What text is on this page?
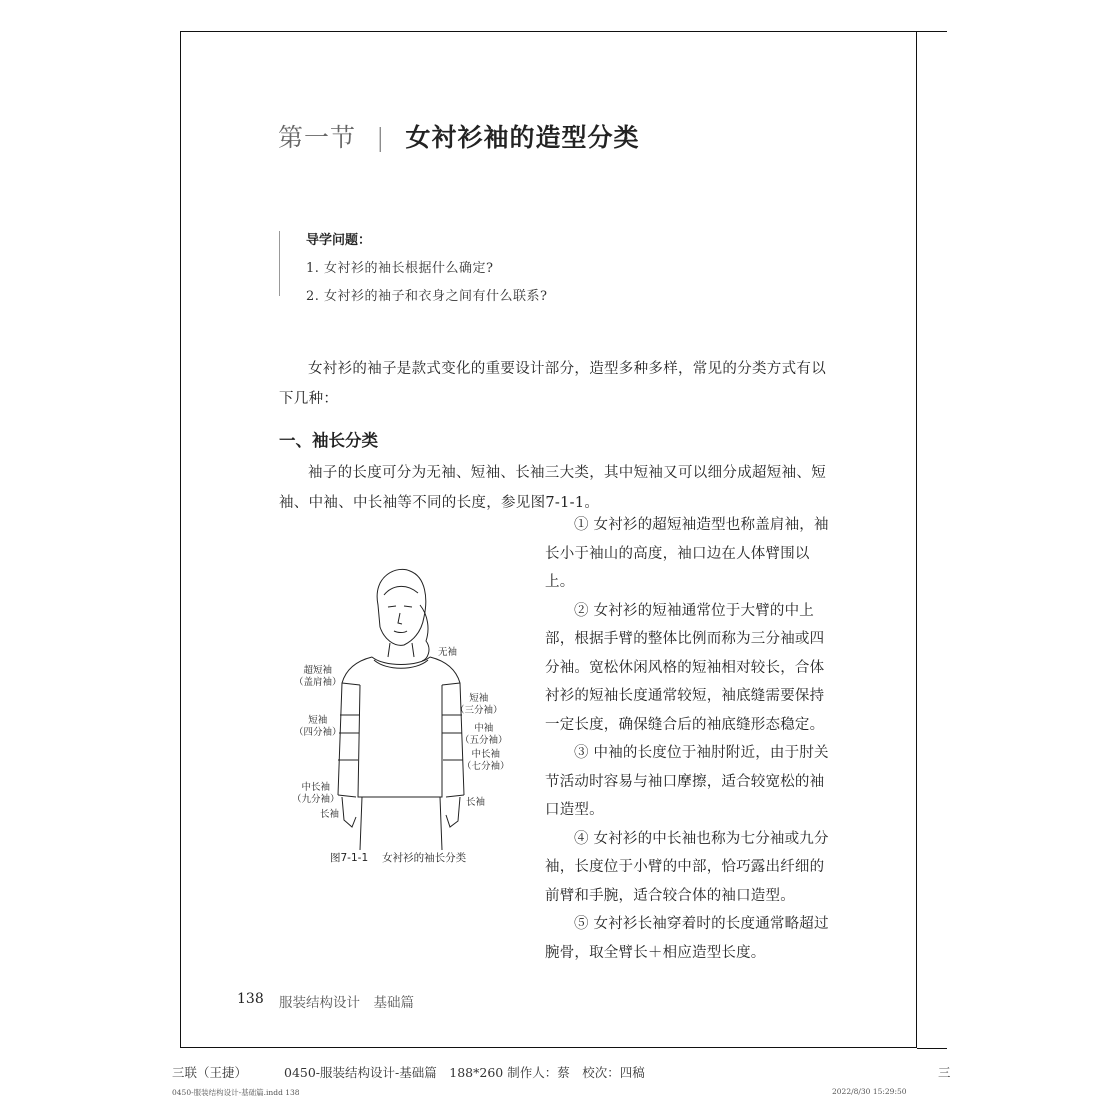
第一节 | 女衬衫袖的造型分类
导学问题：
1. 女衬衫的袖长根据什么确定?
2. 女衬衫的袖子和衣身之间有什么联系?
女衬衫的袖子是款式变化的重要设计部分，造型多种多样，常见的分类方式有以下几种：
一、袖长分类
袖子的长度可分为无袖、短袖、长袖三大类，其中短袖又可以细分成超短袖、短袖、中袖、中长袖等不同的长度，参见图7-1-1。

① 女衬衫的超短袖造型也称盖肩袖，袖长小于袖山的高度，袖口边在人体臂围以上。

② 女衬衫的短袖通常位于大臂的中上部，根据手臂的整体比例而称为三分袖或四分袖。宽松休闲风格的短袖相对较长，合体衬衫的短袖长度通常较短，袖底缝需要保持一定长度，确保缝合后的袖底缝形态稳定。

③ 中袖的长度位于袖肘附近，由于肘关节活动时容易与袖口摩擦，适合较宽松的袖口造型。

④ 女衬衫的中长袖也称为七分袖或九分袖，长度位于小臂的中部，恰巧露出纤细的前臂和手腕，适合较合体的袖口造型。

⑤ 女衬衫长袖穿着时的长度通常略超过腕骨，取全臂长＋相应造型长度。

无袖
超短袖
（盖肩袖）
短袖
（三分袖）
短袖
（四分袖）	中袖
（五分袖）
中长袖
（七分袖）
中长袖
（九分袖）
长袖
长袖
图7-1-1 女衬衫的袖长分类
138 服装结构设计　基础篇
三联（王捷）	0450-服装结构设计-基础篇　188*260 制作人：蔡　校次：四稿	三
0450-服装结构设计-基础篇.indd 138	2022/8/30 15:29:50
